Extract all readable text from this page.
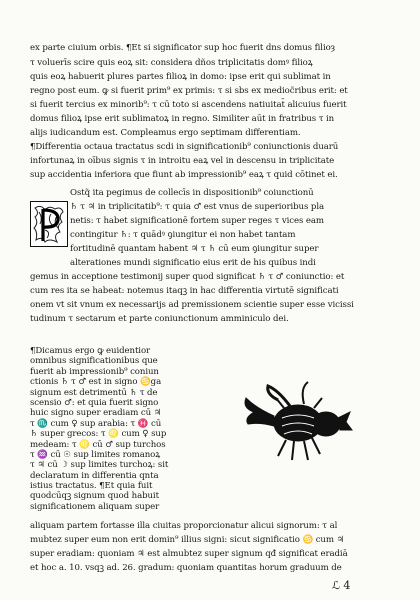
ex parte ciuium orbis. ¶Et si significator sup hoc fuerit dns domus filioȝ
τ voluerīs scire quis eoꝝ sit: considera dños triplicitatis domꝰ filioꝝ
quis eoꝝ habuerit plures partes filioꝝ in domo: ipse erit qui sublimat in
regno post eum. ꝙ si fuerit prim⁹ ex primis: τ si sbs ex medioc̃ribus erit: et
si fuerit tercius ex minorib⁹: τ cū toto si ascendens natiuitat̄ alicuius fuerit
domus filioꝝ ipse erit sublimatoꝝ in regno. Similiter aūt in fratribus τ in
alijs iudicandum est. Compleamus ergo septimam differentiam.
¶Differentia octaua tractatus scdi in significationib⁹ coniunctionis duarū
infortunaꝝ in oībus signis τ in introitu eaꝝ vel in descensu in triplicitate
sup accidentia inferiora que fiunt ab impressionib⁹ eaꝝ τ quid cōtinet ei.
Ostq̃ ita pegimus de collecīs in dispositionib⁹ coiunctionū
♄ τ ♃ in triplicitatib⁹: τ quia ♂ est vnus de superioribus pla
netis: τ habet significationē fortem super reges τ vices eam
contingitur ♄: τ quādꝰ ꝯiungitur ei non habet tantam
fortitudinē quantam habent ♃ τ ♄ cū eum ꝯiungitur super
alterationes mundi significatio eius erit de his quibus indi
gemus in acceptione testimonij super quod significat ♄ τ ♂ coniunctio: et
cum res ita se habeat: notemus itaqꝫ in hac differentia virtutē significati
onem vt sit vnum ex necessarijs ad premissionem scientie super esse vicissi
tudinum τ sectarum et parte coniunctionum amminiculo dei.
¶Dicamus ergo ꝙ euidentior
omnibus significationibus que
fuerit ab impressionib⁹ coniun
ctionis ♄ τ ♂ est in signo ♋ga
signum est detrimentū ♄ τ de
scensio ♂: et quia fuerit signo
huic signo super eradiam cū ♃
τ ♏ cum ♀ sup arabia: τ ♓ cū
♄ super grecos: τ ♌ cum ♀ sup
medeam: τ ♌ cū ♂ sup turchos
τ ♒ cū ☉ sup limites romanoꝝ
τ ♃ cū ☽ sup limites turchoꝝ: sit
declaratum in differentia qnta
istius tractatus. ¶Et quia fuit
quodcūqꝫ signum quod habuit
significationem aliquam super
aliquam partem fortasse illa ciuitas proporcionatur alicui signorum: τ al
mubtez super eum non erit domin⁹ illius signi: sicut significatio ♋ cum ♃
super eradiam: quoniam ♃ est almubtez super signum qđ significat eradiā
et hoc a. 10. vsqꝫ ad. 26. gradum: quoniam quantitas horum graduum de
ℒ 4
